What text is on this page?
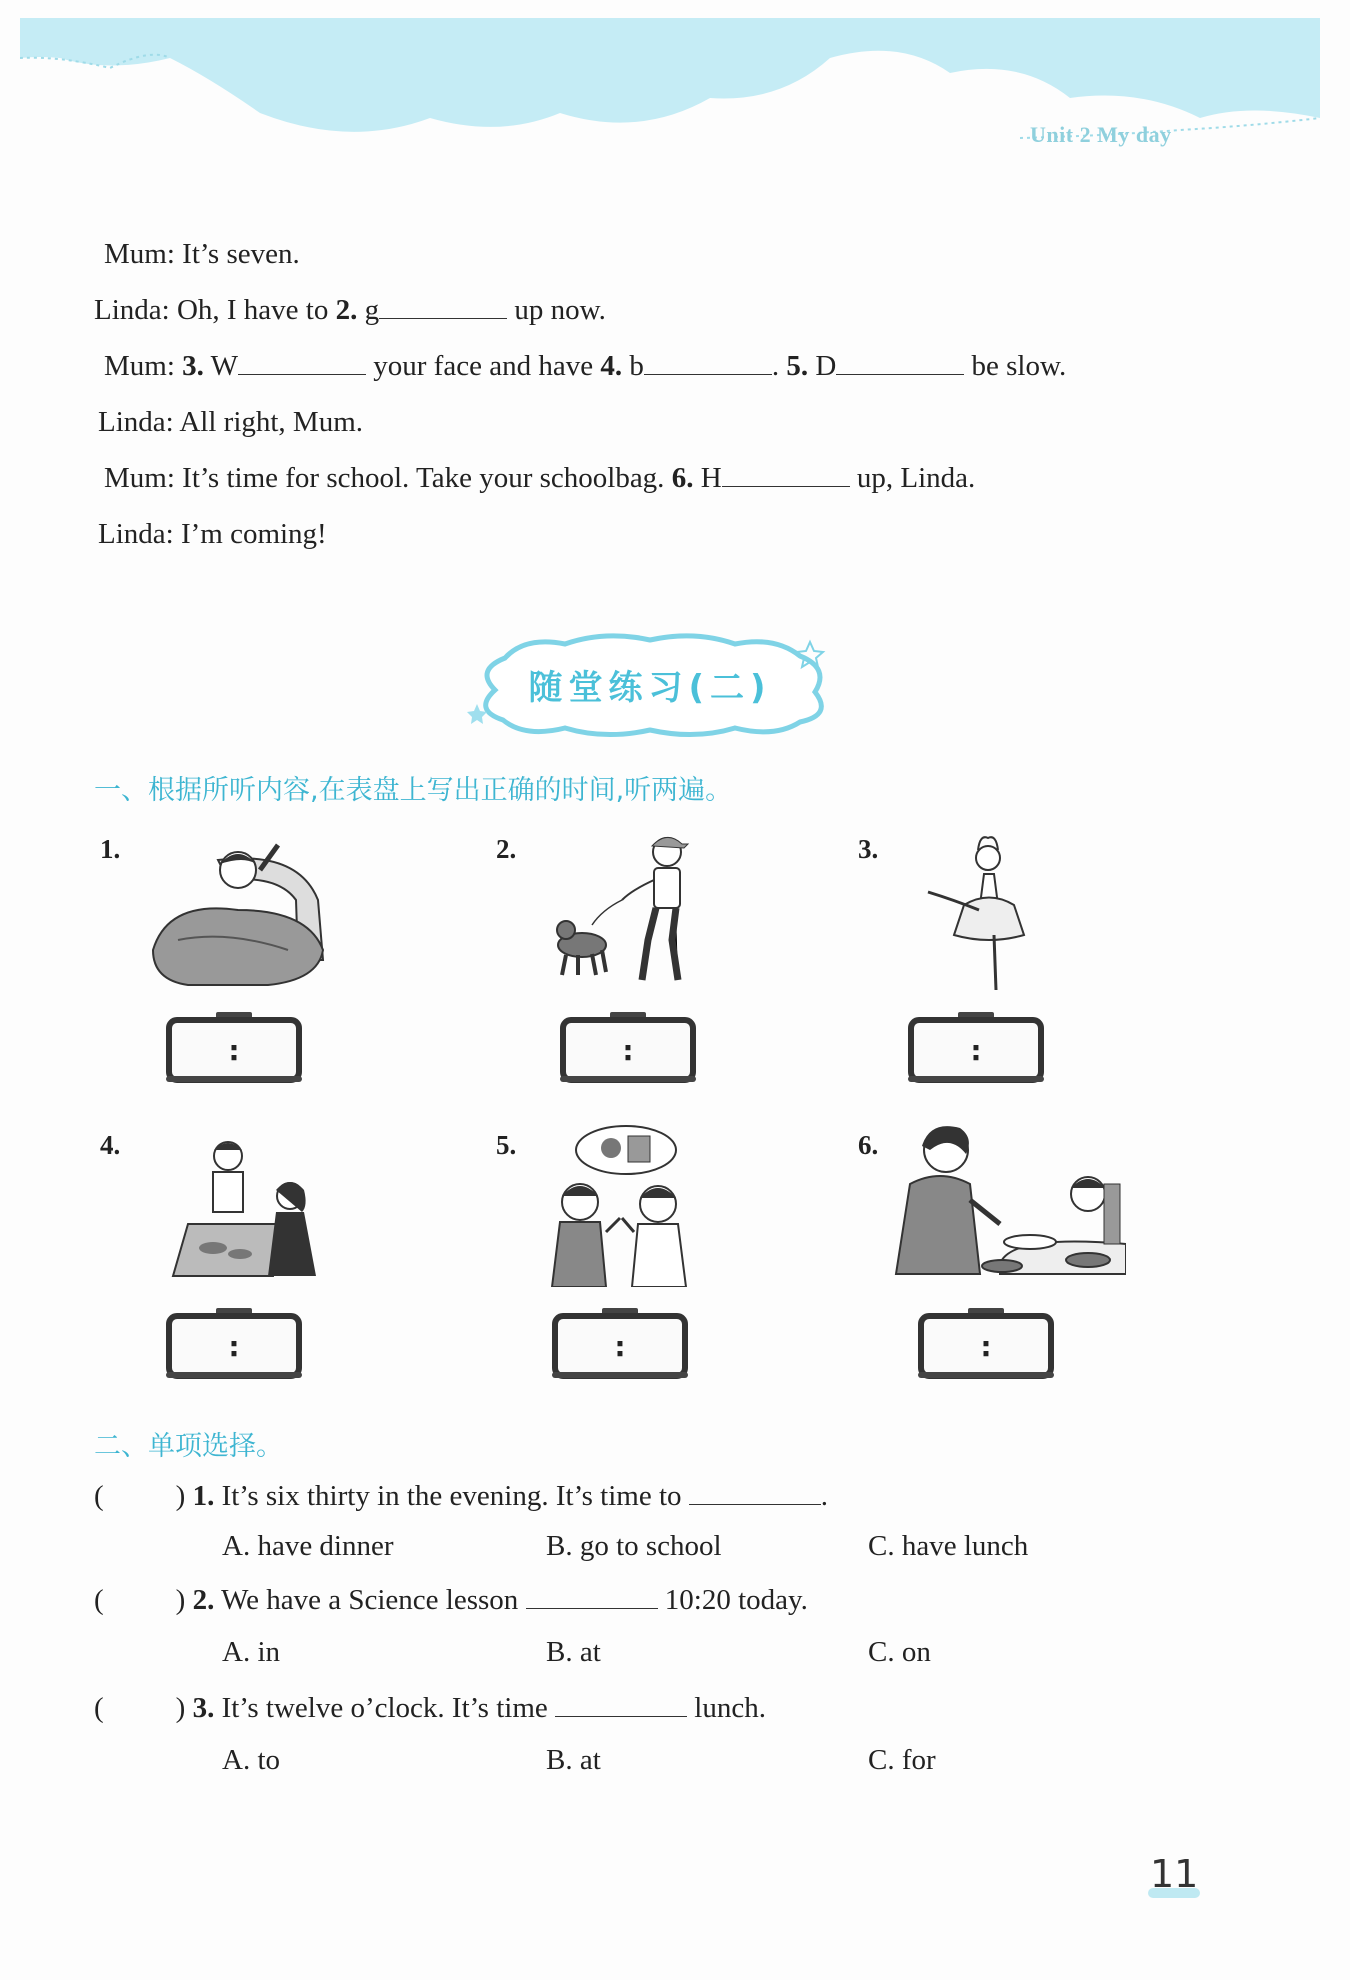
Unit 2 My day
Mum: It’s seven.
Linda: Oh, I have to 2. g	up now.
Mum: 3. W	your face and have 4. b	. 5. D	be slow.
Linda: All right, Mum.
Mum: It’s time for school. Take your schoolbag. 6. H	up, Linda.
Linda: I’m coming!
随堂练习(二)
一、根据所听内容,在表盘上写出正确的时间,听两遍。
1.
:
2.
:
3.
:
4.
:
5.
:
6.
:
二、单项选择。
( ) 1. It’s six thirty in the evening. It’s time to	.
A. have dinner	B. go to school	C. have lunch
( ) 2. We have a Science lesson	10:20 today.
A. in	B. at	C. on
( ) 3. It’s twelve o’clock. It’s time	lunch.
A. to	B. at	C. for
11
